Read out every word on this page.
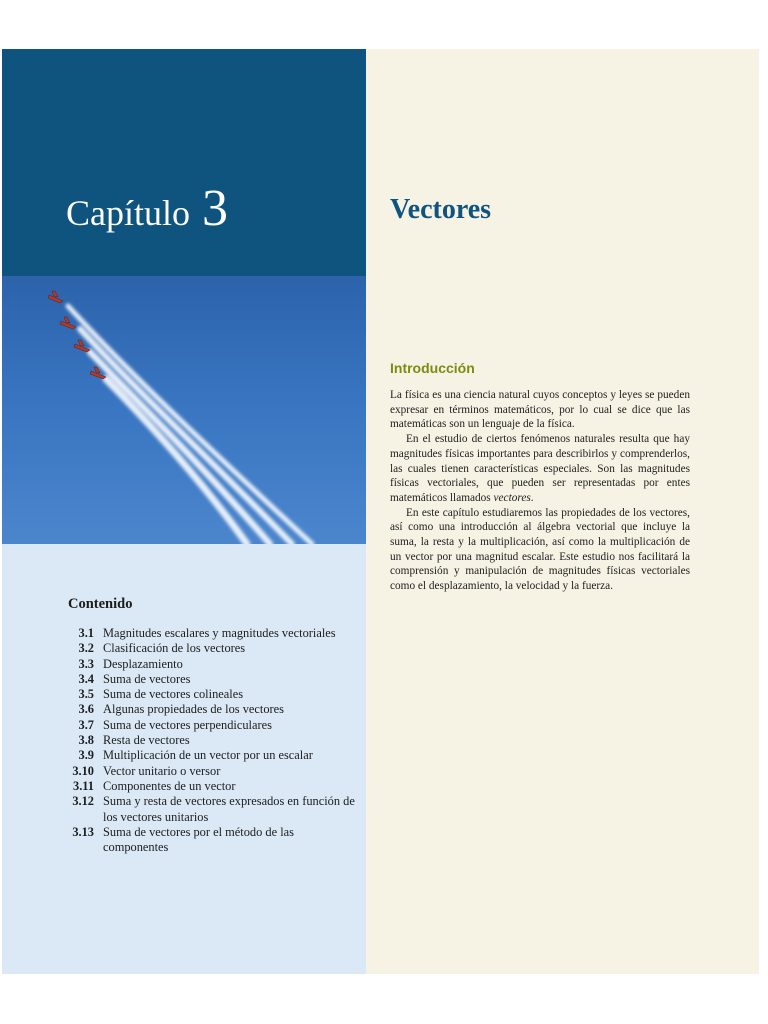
Capítulo 3
Contenido
3.1 Magnitudes escalares y magnitudes vectoriales
3.2 Clasificación de los vectores
3.3 Desplazamiento
3.4 Suma de vectores
3.5 Suma de vectores colineales
3.6 Algunas propiedades de los vectores
3.7 Suma de vectores perpendiculares
3.8 Resta de vectores
3.9 Multiplicación de un vector por un escalar
3.10 Vector unitario o versor
3.11 Componentes de un vector
3.12 Suma y resta de vectores expresados en función de los vectores unitarios
3.13 Suma de vectores por el método de las componentes
Vectores
Introducción

La física es una ciencia natural cuyos conceptos y leyes se pueden expresar en términos matemáticos, por lo cual se dice que las matemáticas son un lenguaje de la física.

En el estudio de ciertos fenómenos naturales resulta que hay magnitudes físicas importantes para describirlos y comprenderlos, las cuales tienen características especiales. Son las magnitudes físicas vectoriales, que pueden ser representadas por entes matemáticos llamados vectores.

En este capítulo estudiaremos las propiedades de los vectores, así como una introducción al álgebra vectorial que incluye la suma, la resta y la multiplicación, así como la multiplicación de un vector por una magnitud escalar. Este estudio nos facilitará la comprensión y manipulación de magnitudes físicas vectoriales como el desplazamiento, la velocidad y la fuerza.
